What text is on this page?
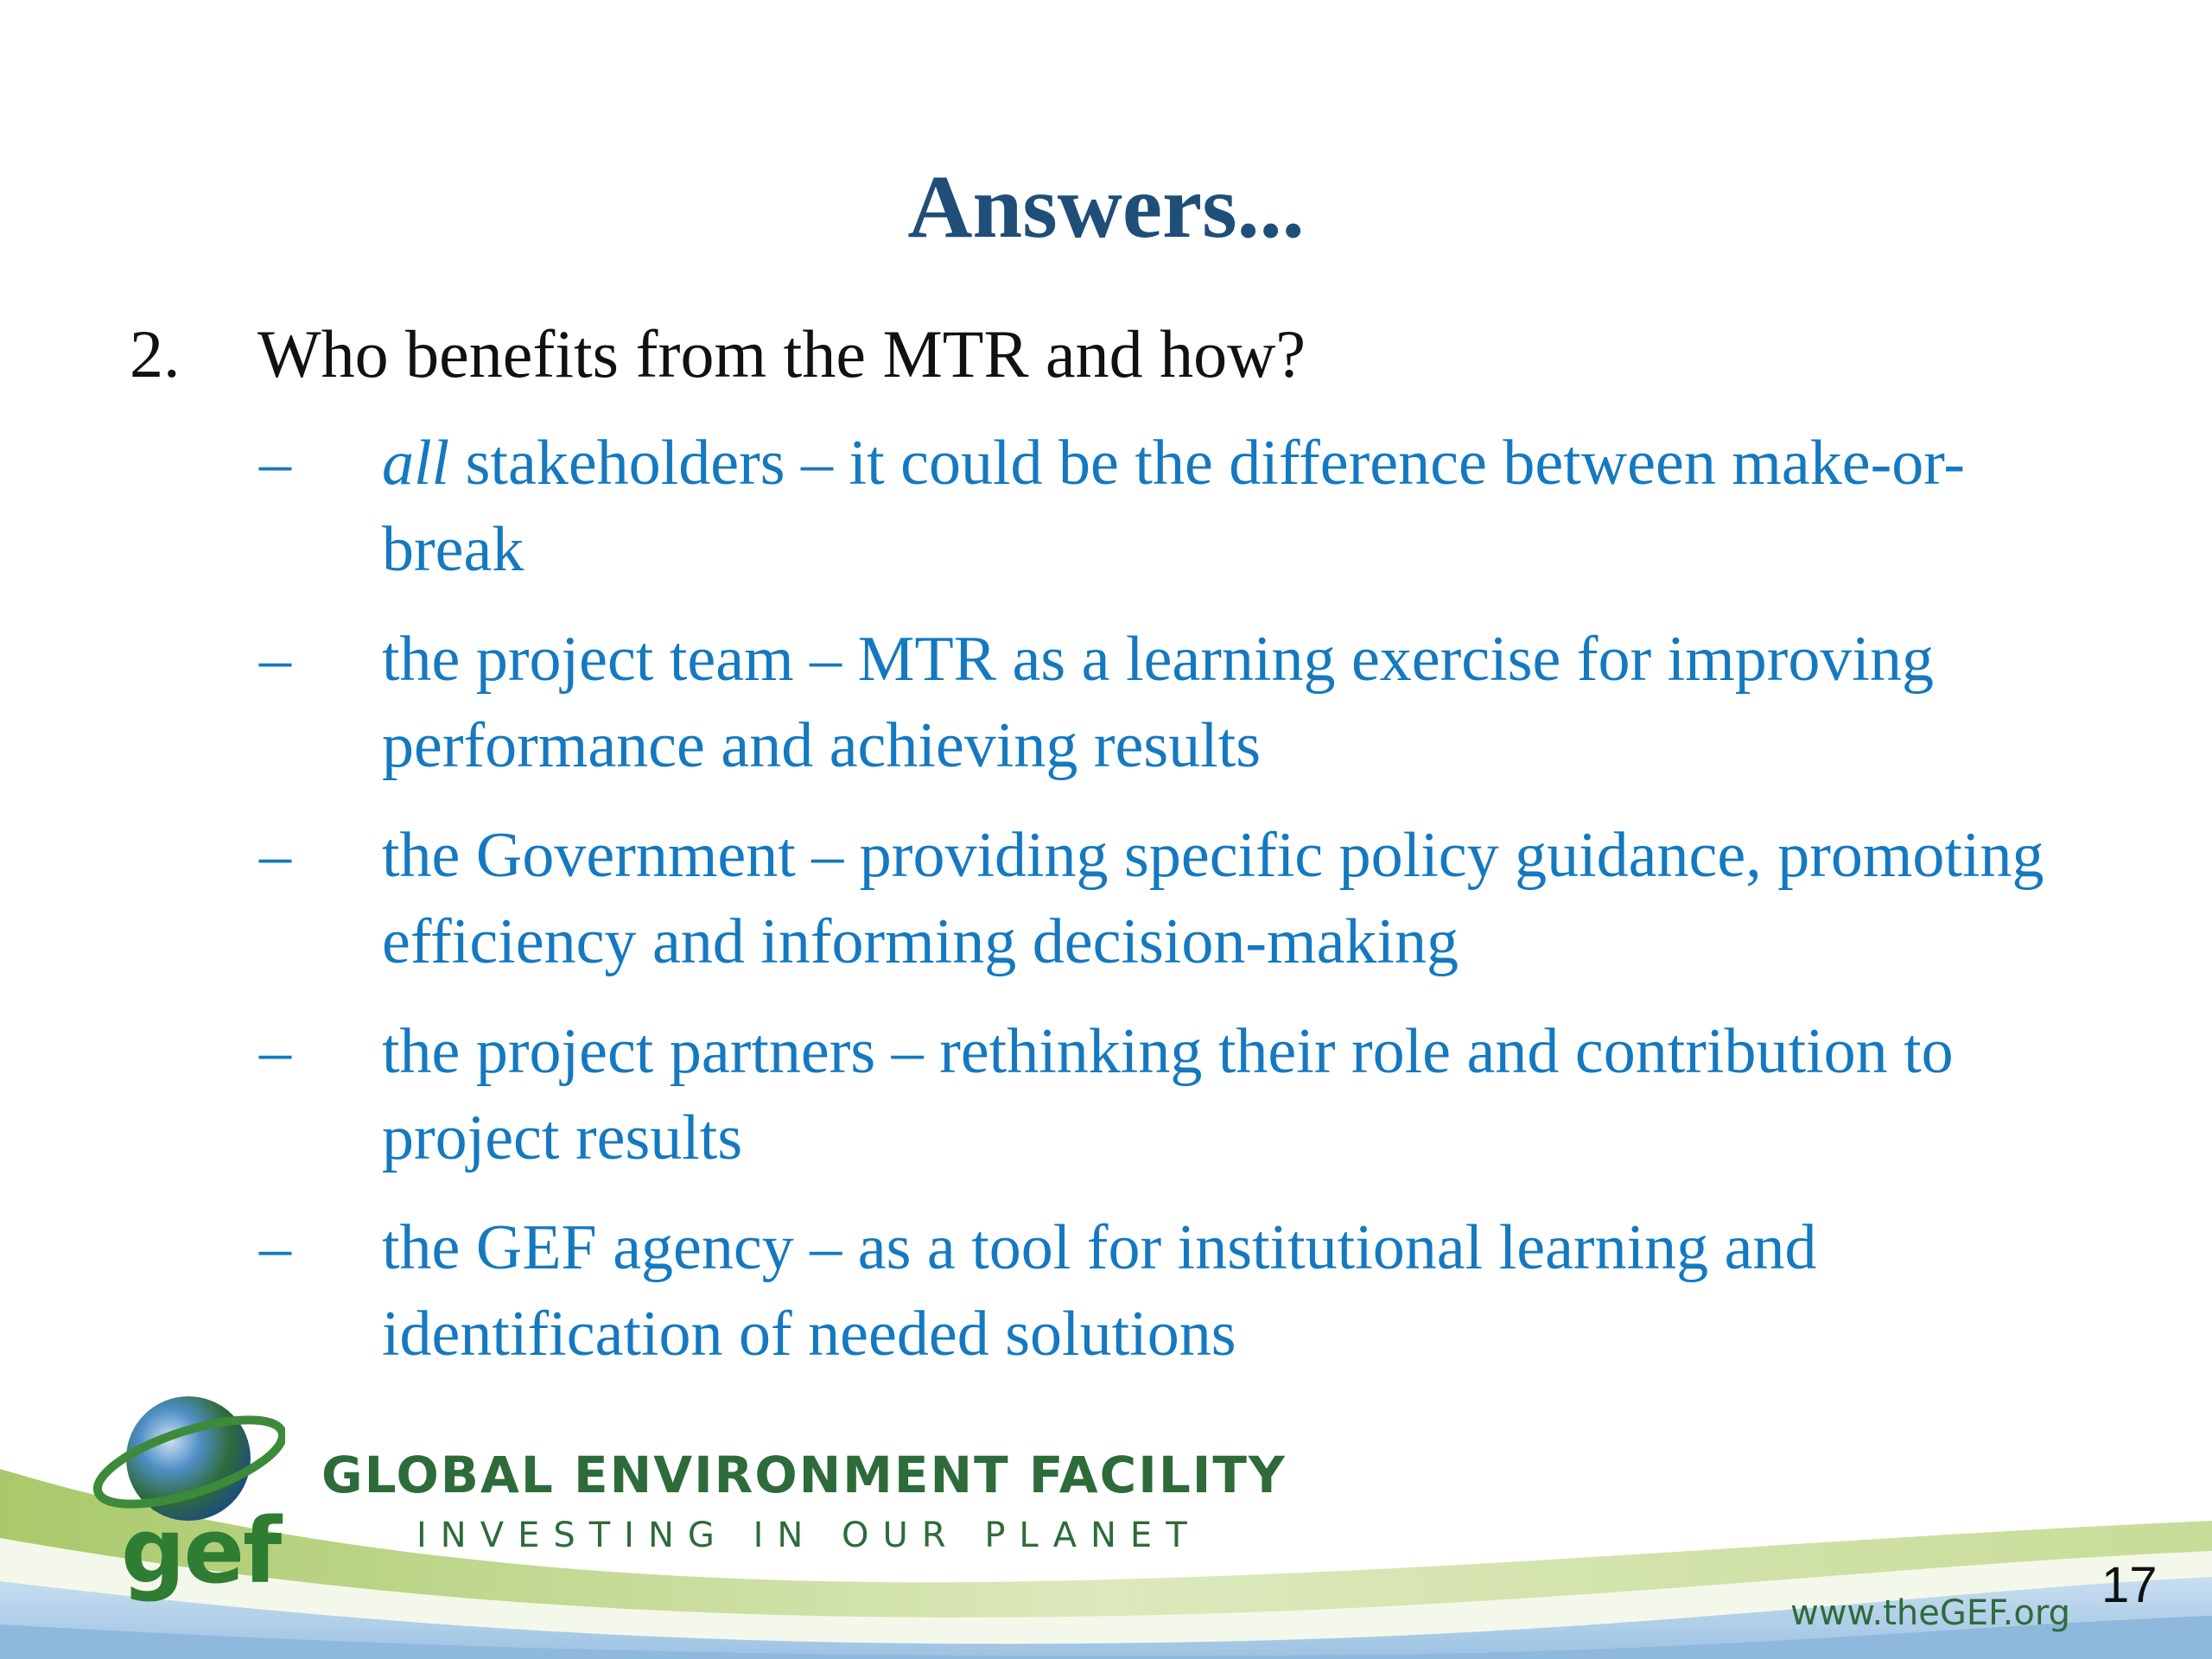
Answers...
2. Who benefits from the MTR and how?
– all stakeholders – it could be the difference between make-or-break
– the project team – MTR as a learning exercise for improving performance and achieving results
– the Government – providing specific policy guidance, promoting efficiency and informing decision-making
– the project partners – rethinking their role and contribution to project results
– the GEF agency – as a tool for institutional learning and identification of needed solutions
gef
GLOBAL ENVIRONMENT FACILITY
INVESTING IN OUR PLANET
www.theGEF.org 17
